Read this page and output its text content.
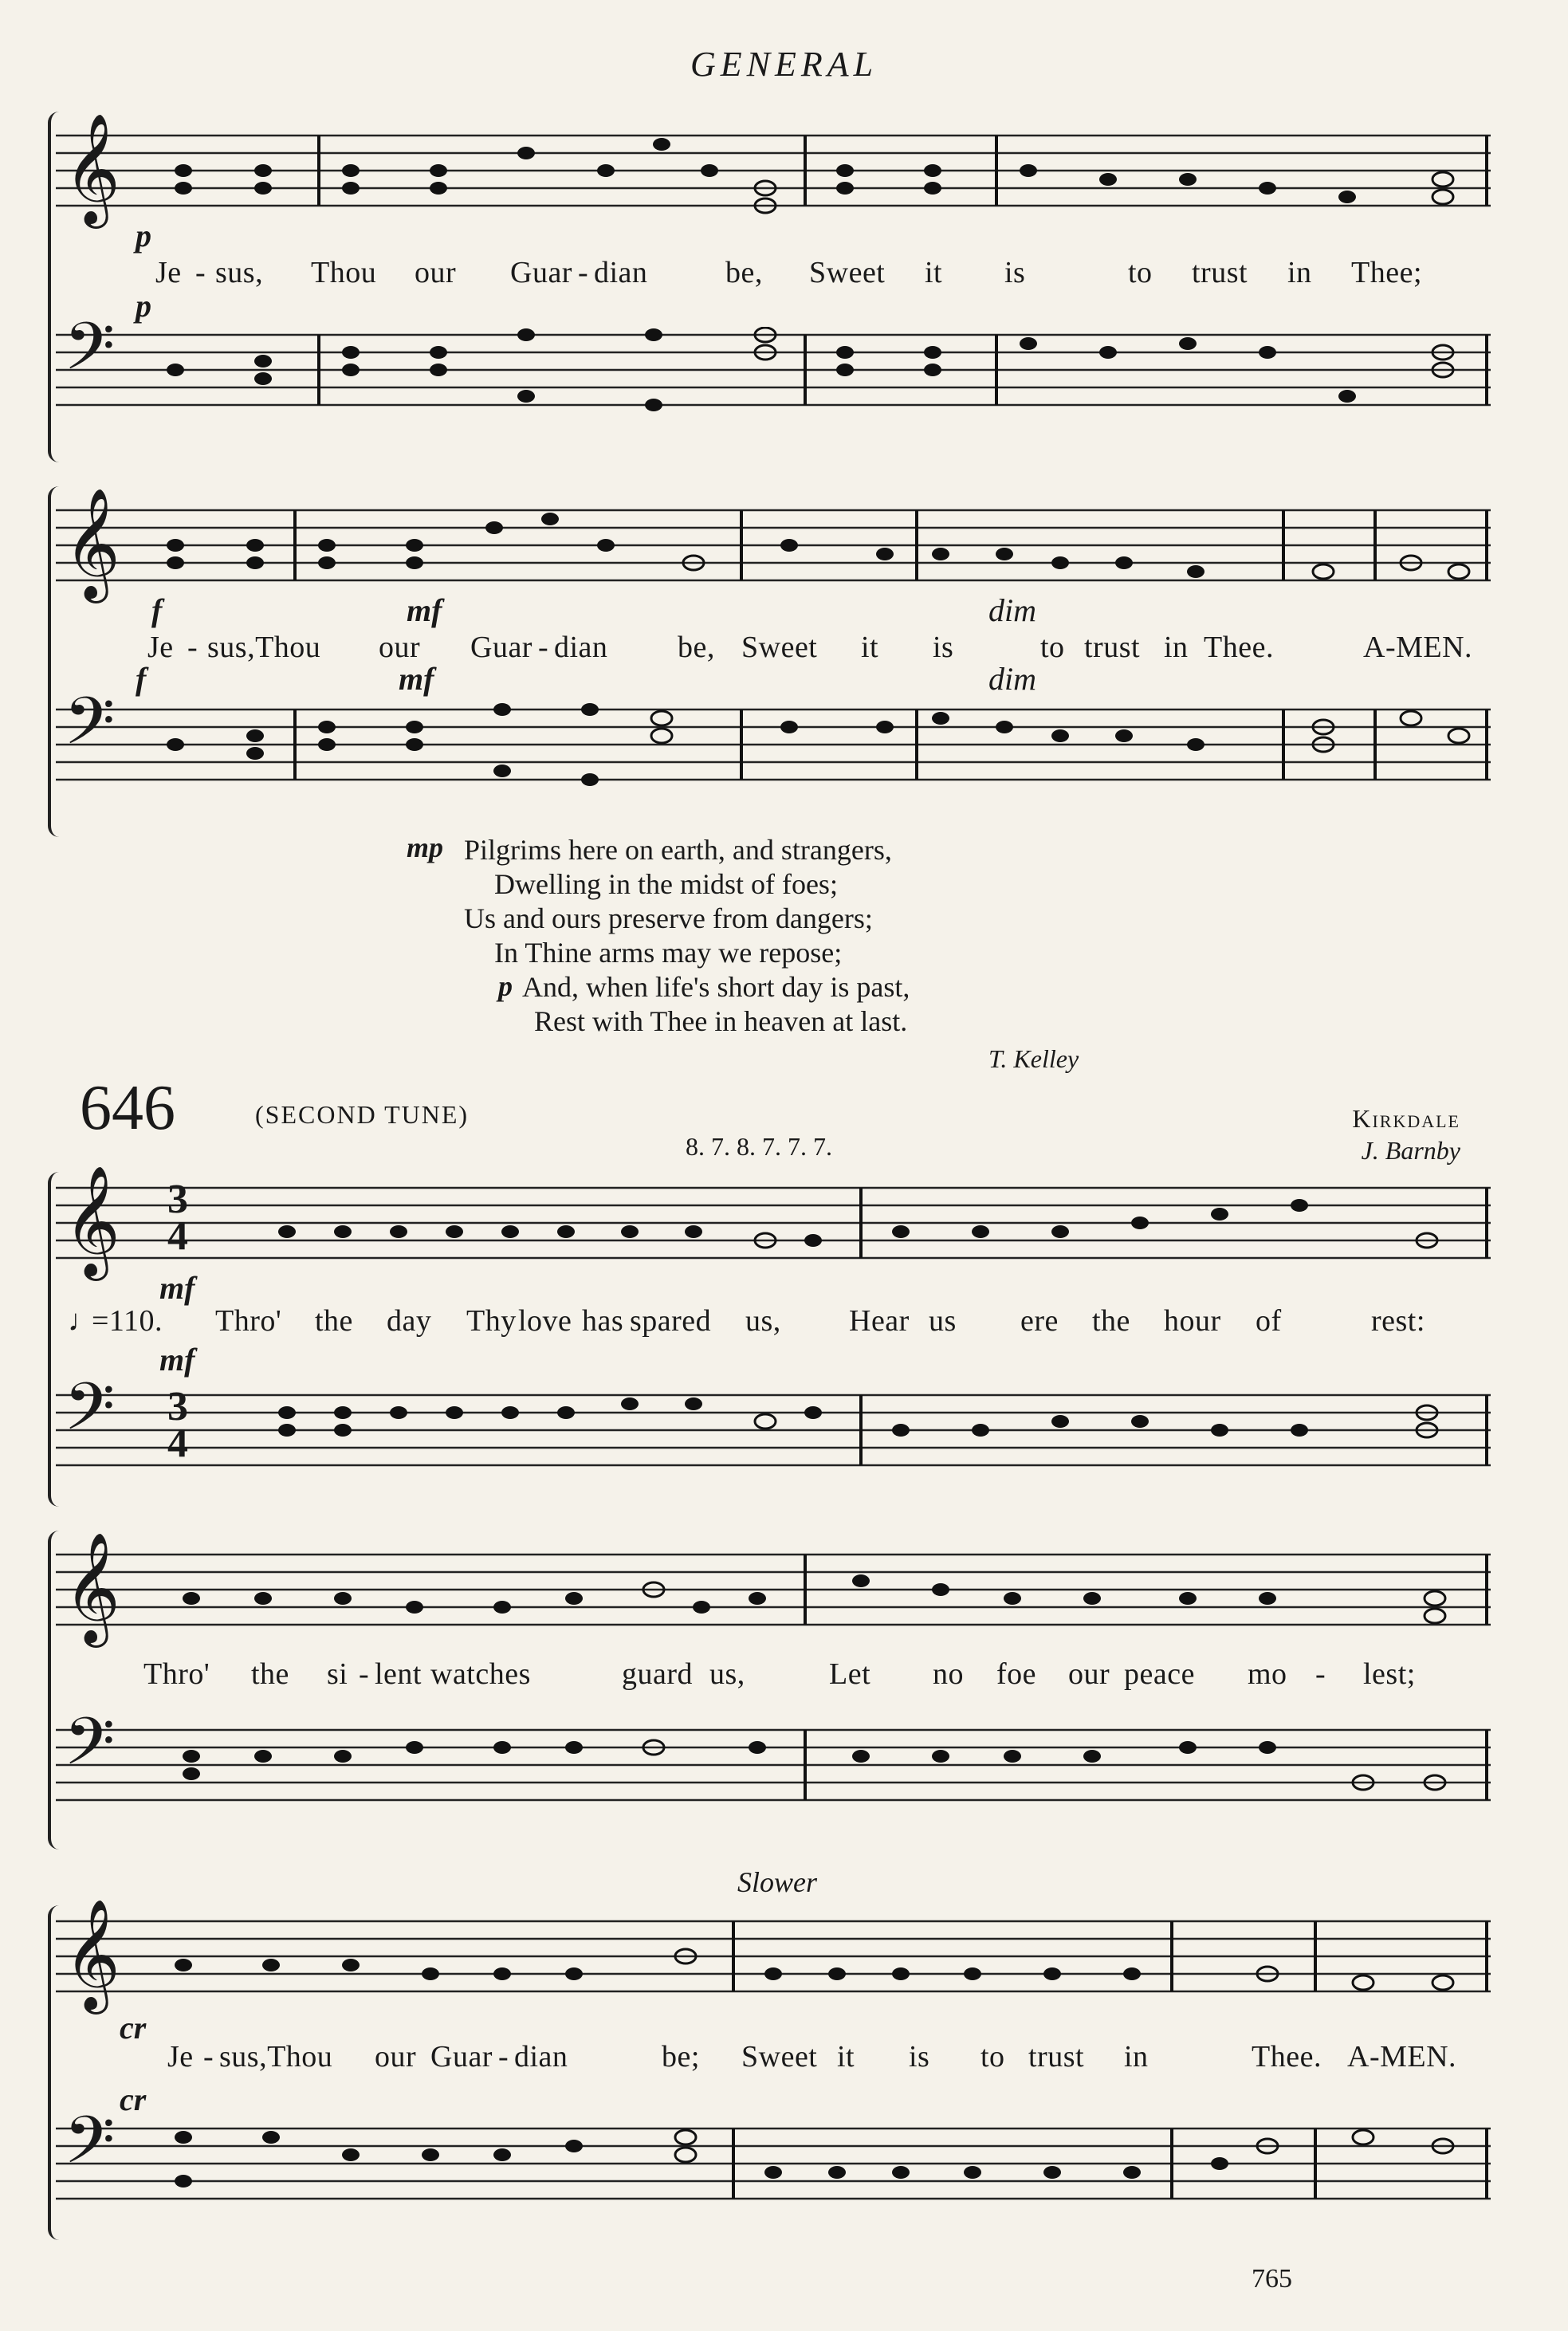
GENERAL
𝄞
p
Je - sus, Thou our Guar - dian	be, Sweet it is	to trust in Thee;
p
𝄢
𝄞
f	mf	dim
Je - sus,Thou our Guar - dian be, Sweet it is	to trust in Thee.	A-MEN.
f	mf	dim
𝄢
mp
p
Pilgrims here on earth, and strangers,
Dwelling in the midst of foes;
Us and ours preserve from dangers;
In Thine arms may we repose;
And, when life's short day is past,
Rest with Thee in heaven at last.
T. Kelley
646	(SECOND TUNE)
8. 7. 8. 7. 7. 7.
Kirkdale
J. Barnby
𝄞 3
4
mf
♩
=110. Thro' the day Thy love has spared us, Hear us ere the hour of	rest:
mf
𝄢 3
4
𝄞
Thro' the si - lent watches	guard us,	Let no foe our peace mo - lest;
𝄢
Slower
𝄞
cr
Je - sus,Thou our Guar - dian	be; Sweet it is to trust in	Thee. A-MEN.
cr
𝄢
765
